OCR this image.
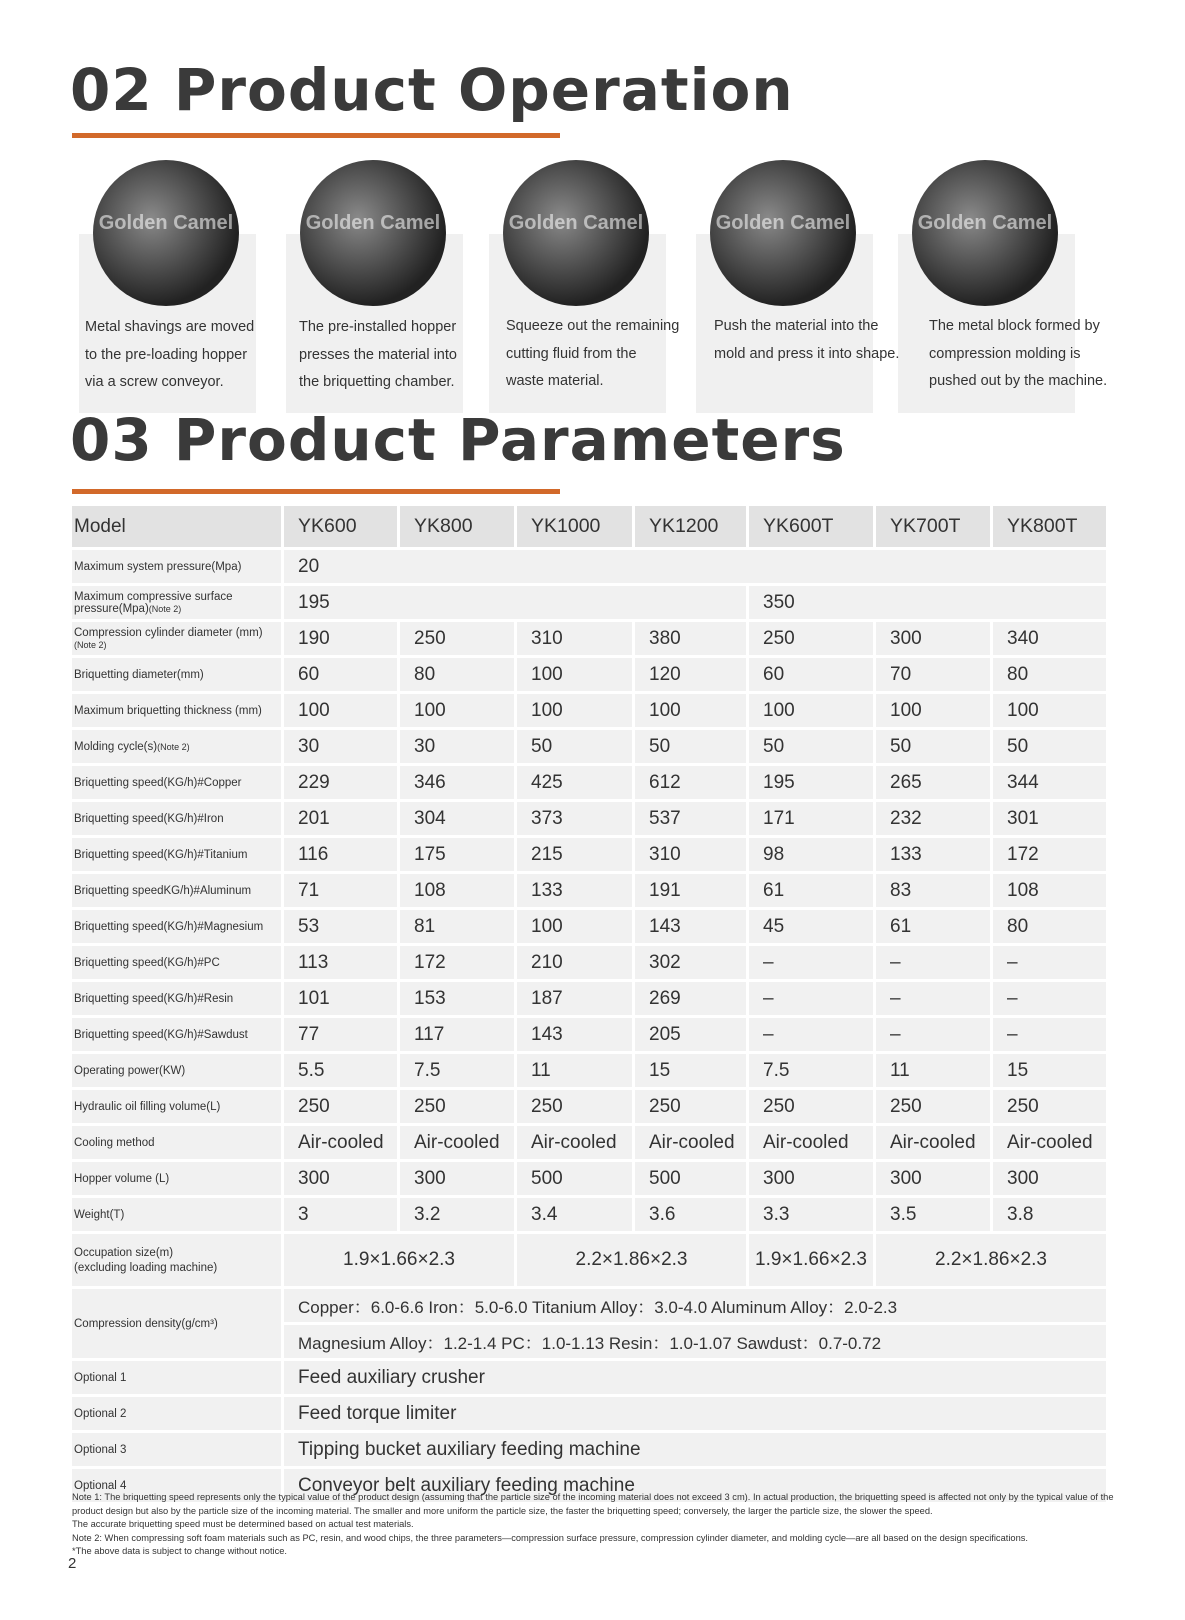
02 Product Operation
Golden Camel	Golden Camel	Golden Camel	Golden Camel	Golden Camel
Metal shavings are moved
to the pre-loading hopper
via a screw conveyor.
The pre-installed hopper
presses the material into
the briquetting chamber.
Squeeze out the remaining
cutting fluid from the
waste material.
Push the material into the
mold and press it into shape.
The metal block formed by
compression molding is
pushed out by the machine.
03 Product Parameters
Model	YK600	YK800	YK1000	YK1200	YK600T	YK700T	YK800T
Maximum system pressure(Mpa)	20						
Maximum compressive surface pressure(Mpa)(Note 2)	195				350		
Compression cylinder diameter (mm)(Note 2)	190	250	310	380	250	300	340
Briquetting diameter(mm)	60	80	100	120	60	70	80
Maximum briquetting thickness (mm)	100	100	100	100	100	100	100
Molding cycle(s)(Note 2)	30	30	50	50	50	50	50
Briquetting speed(KG/h)#Copper	229	346	425	612	195	265	344
Briquetting speed(KG/h)#Iron	201	304	373	537	171	232	301
Briquetting speed(KG/h)#Titanium	116	175	215	310	98	133	172
Briquetting speedKG/h)#Aluminum	71	108	133	191	61	83	108
Briquetting speed(KG/h)#Magnesium	53	81	100	143	45	61	80
Briquetting speed(KG/h)#PC	113	172	210	302	–	–	–
Briquetting speed(KG/h)#Resin	101	153	187	269	–	–	–
Briquetting speed(KG/h)#Sawdust	77	117	143	205	–	–	–
Operating power(KW)	5.5	7.5	11	15	7.5	11	15
Hydraulic oil filling volume(L)	250	250	250	250	250	250	250
Cooling method	Air-cooled	Air-cooled	Air-cooled	Air-cooled	Air-cooled	Air-cooled	Air-cooled
Hopper volume (L)	300	300	500	500	300	300	300
Weight(T)	3	3.2	3.4	3.6	3.3	3.5	3.8

Occupation size(m)
(excluding loading machine)	1.9×1.66×2.3		2.2×1.86×2.3		1.9×1.66×2.3	2.2×1.86×2.3	
Compression density(g/cm³)	Copper：6.0-6.6 Iron：5.0-6.0 Titanium Alloy：3.0-4.0 Aluminum Alloy：2.0-2.3						
	Magnesium Alloy：1.2-1.4 PC：1.0-1.13 Resin：1.0-1.07 Sawdust：0.7-0.72						
Optional 1	Feed auxiliary crusher						
Optional 2	Feed torque limiter						
Optional 3	Tipping bucket auxiliary feeding machine						
Optional 4	Conveyor belt auxiliary feeding machine						
Note 1: The briquetting speed represents only the typical value of the product design (assuming that the particle size of the incoming material does not exceed 3 cm). In actual production, the briquetting speed is affected not only by the typical value of the product design but also by the particle size of the incoming material. The smaller and more uniform the particle size, the faster the briquetting speed; conversely, the larger the particle size, the slower the speed.
The accurate briquetting speed must be determined based on actual test materials.
Note 2: When compressing soft foam materials such as PC, resin, and wood chips, the three parameters—compression surface pressure, compression cylinder diameter, and molding cycle—are all based on the design specifications.
*The above data is subject to change without notice.
2
